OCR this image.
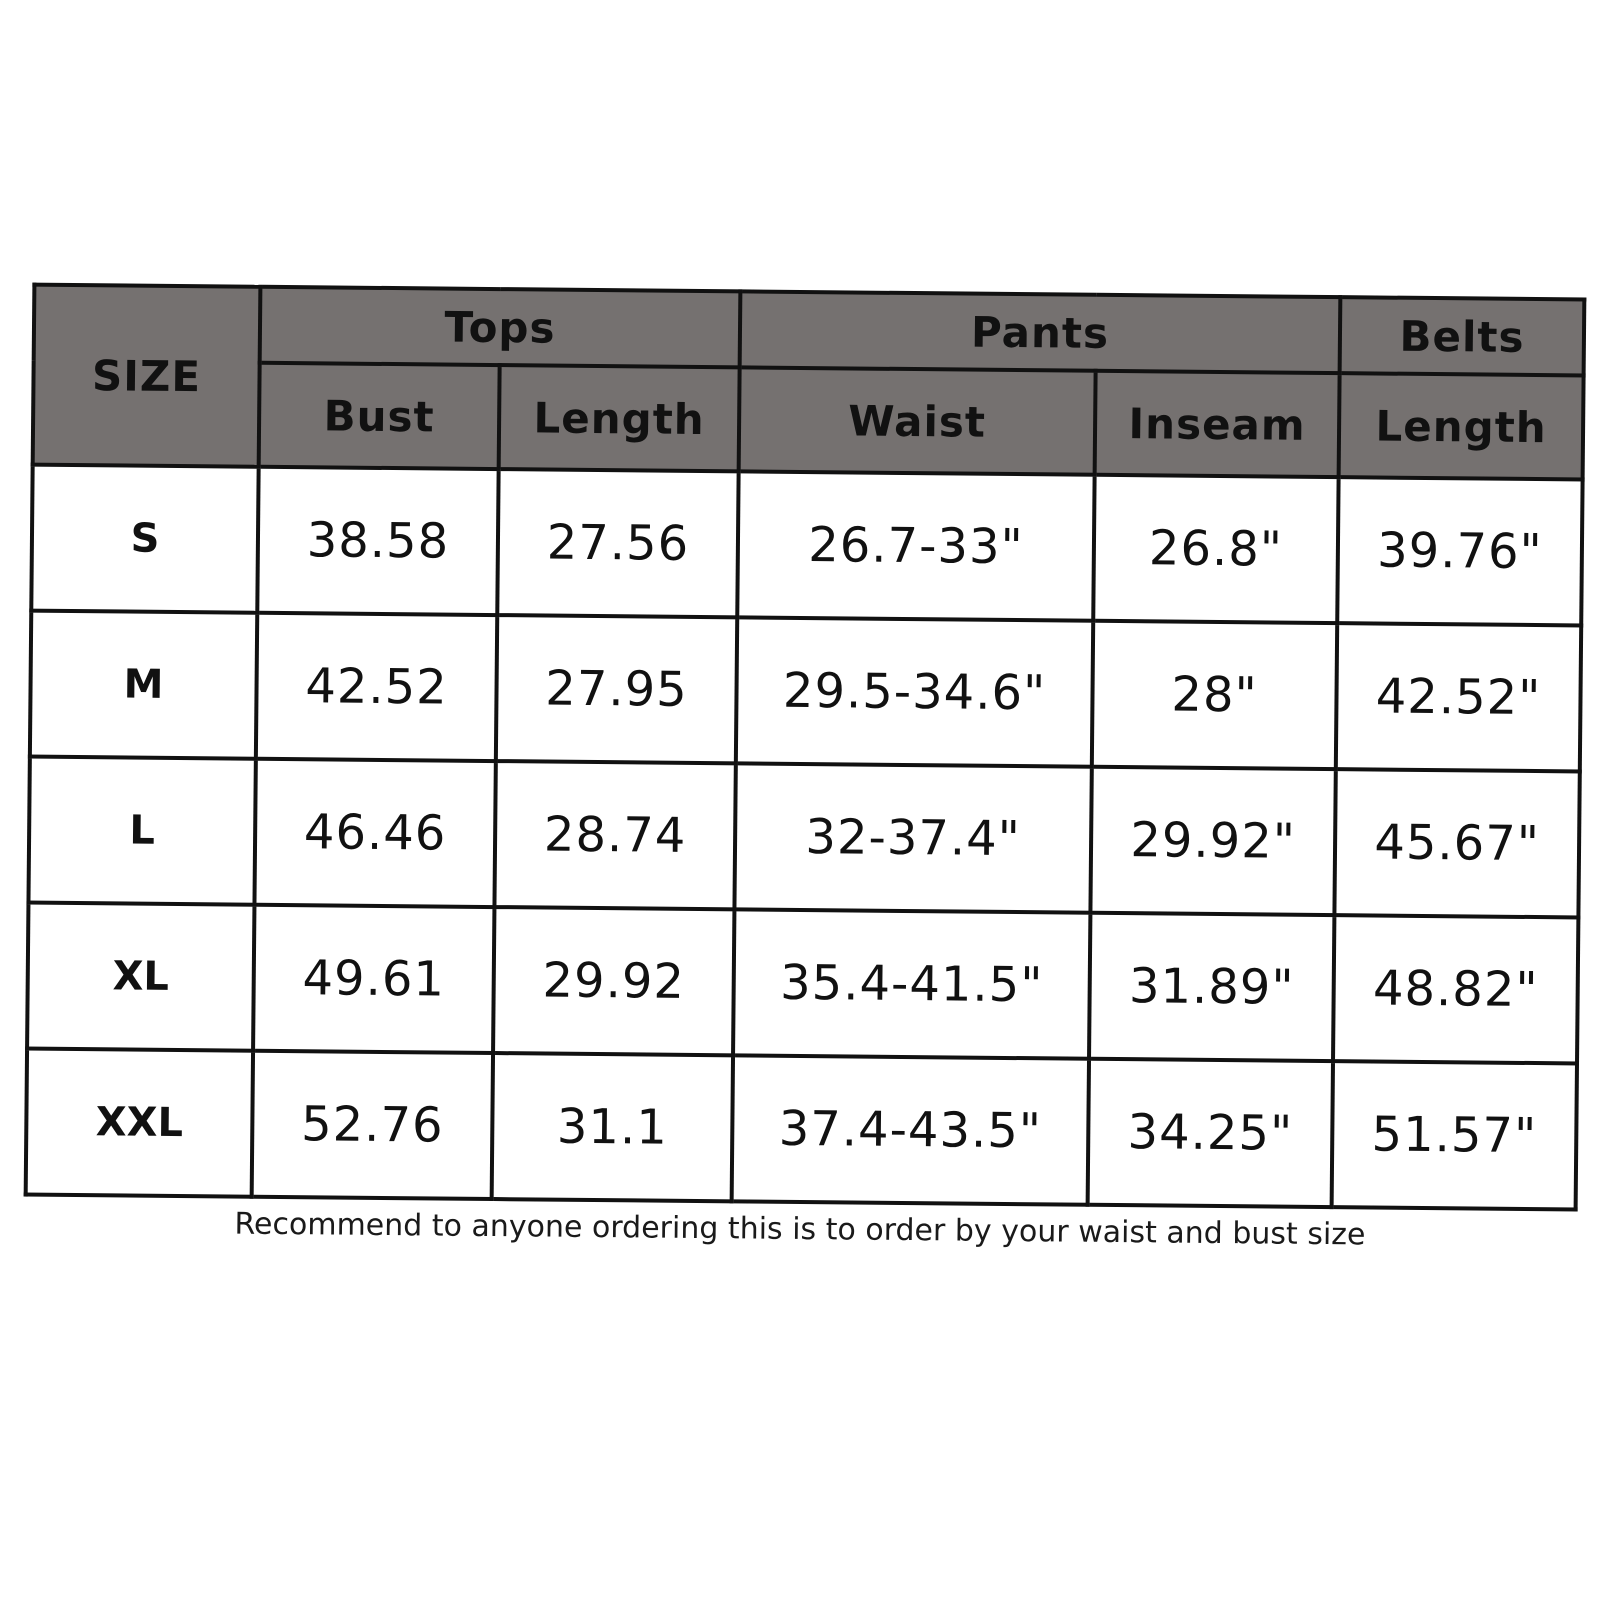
SIZE	Tops		Pants		Belts
	Bust	Length	Waist	Inseam	Length
S	38.58	27.56	26.7-33"	26.8"	39.76"
M	42.52	27.95	29.5-34.6"	28"	42.52"
L	46.46	28.74	32-37.4"	29.92"	45.67"
XL	49.61	29.92	35.4-41.5"	31.89"	48.82"
XXL	52.76	31.1	37.4-43.5"	34.25"	51.57"
Recommend to anyone ordering this is to order by your waist and bust size
